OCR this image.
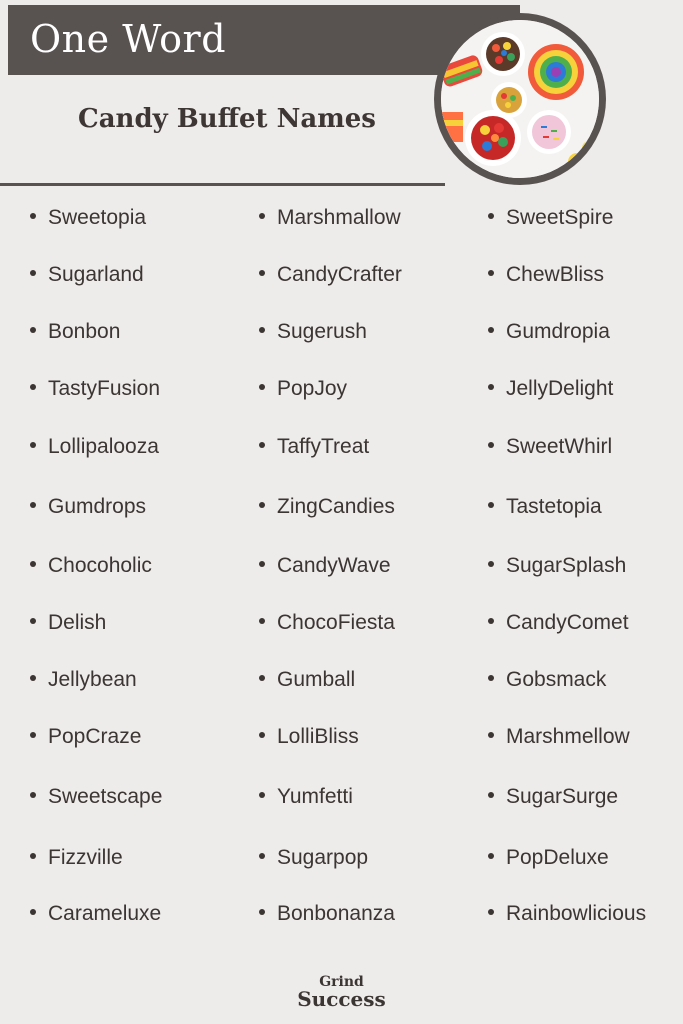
One Word
Candy Buffet Names
Sweetopia
Sugarland
Bonbon
TastyFusion
Lollipalooza
Gumdrops
Chocoholic
Delish
Jellybean
PopCraze
Sweetscape
Fizzville
Carameluxe
Marshmallow
CandyCrafter
Sugerush
PopJoy
TaffyTreat
ZingCandies
CandyWave
ChocoFiesta
Gumball
LolliBliss
Yumfetti
Sugarpop
Bonbonanza
SweetSpire
ChewBliss
Gumdropia
JellyDelight
SweetWhirl
Tastetopia
SugarSplash
CandyComet
Gobsmack
Marshmellow
SugarSurge
PopDeluxe
Rainbowlicious
Grind
Success
